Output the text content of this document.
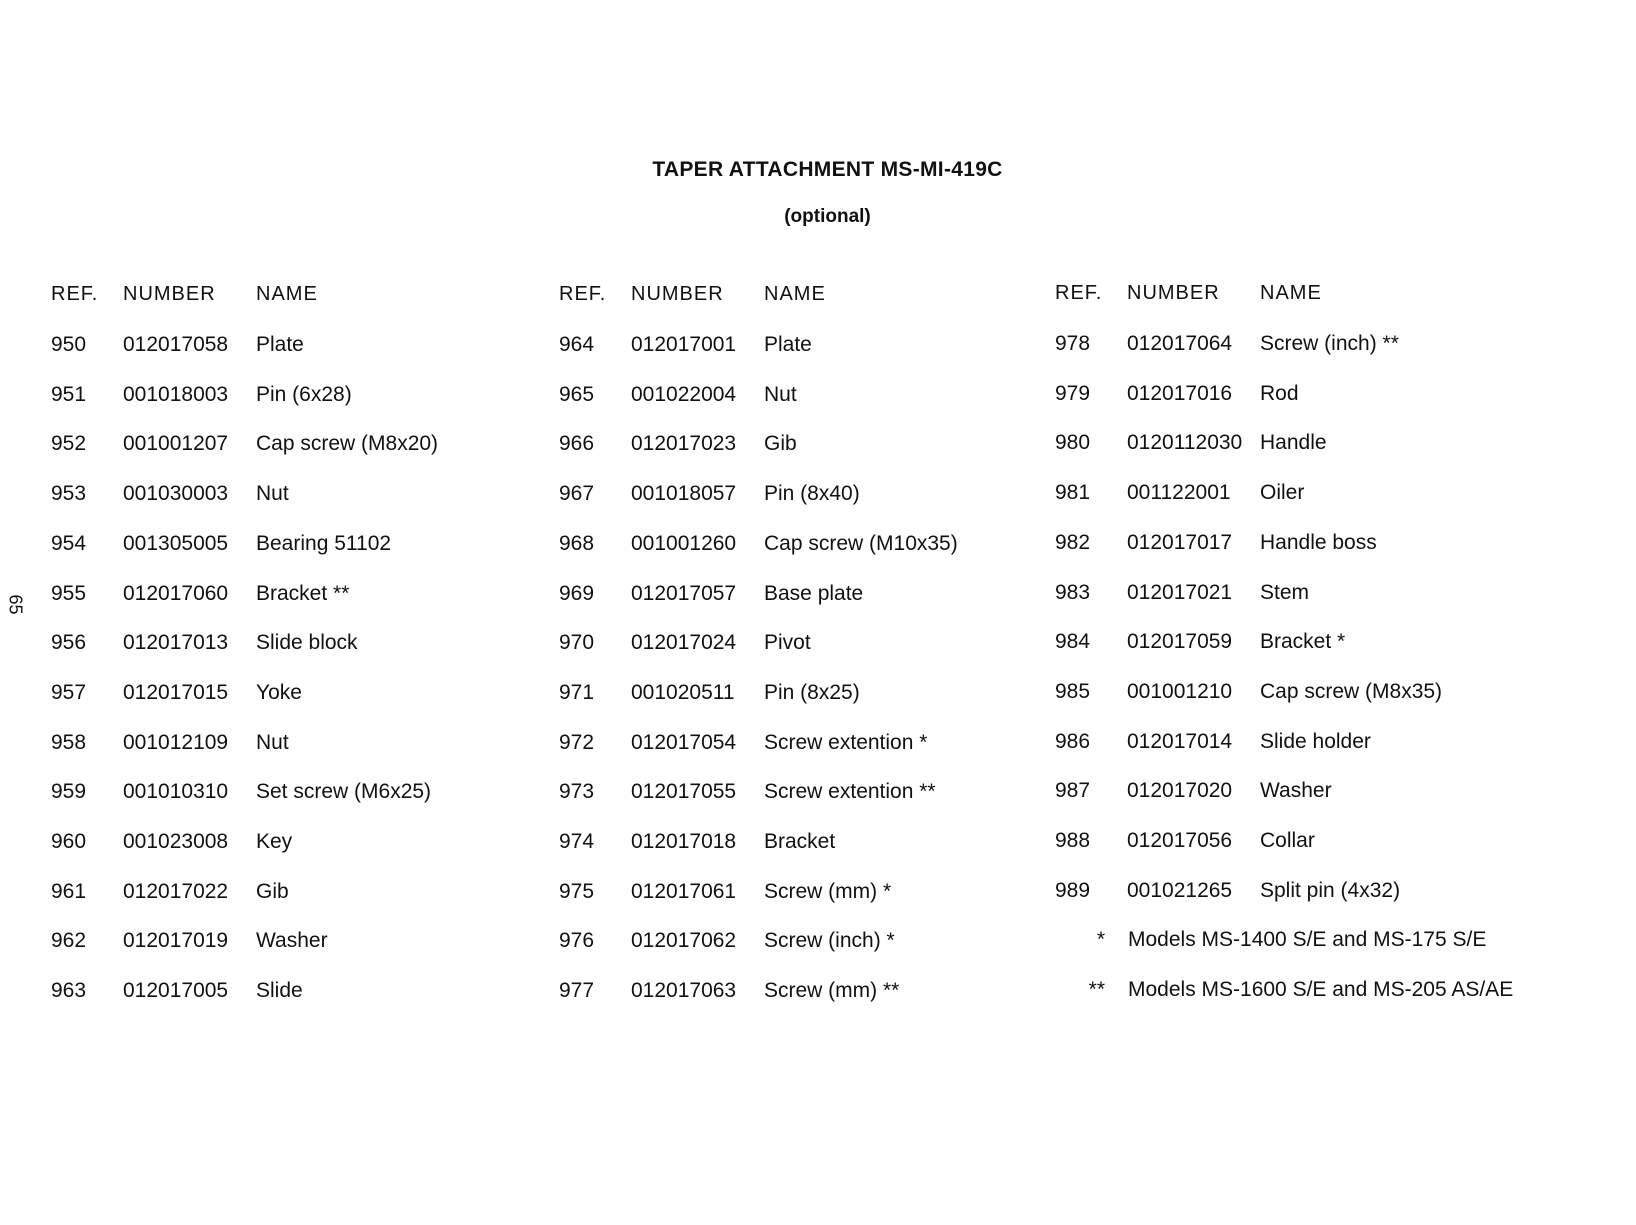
TAPER ATTACHMENT MS-MI-419C
(optional)
65
REF. NUMBER NAME
950 012017058 Plate
951 001018003 Pin (6x28)
952 001001207 Cap screw (M8x20)
953 001030003 Nut
954 001305005 Bearing 51102
955 012017060 Bracket **
956 012017013 Slide block
957 012017015 Yoke
958 001012109 Nut
959 001010310 Set screw (M6x25)
960 001023008 Key
961 012017022 Gib
962 012017019 Washer
963 012017005 Slide
REF. NUMBER NAME
964 012017001 Plate
965 001022004 Nut
966 012017023 Gib
967 001018057 Pin (8x40)
968 001001260 Cap screw (M10x35)
969 012017057 Base plate
970 012017024 Pivot
971 001020511 Pin (8x25)
972 012017054 Screw extention *
973 012017055 Screw extention **
974 012017018 Bracket
975 012017061 Screw (mm) *
976 012017062 Screw (inch) *
977 012017063 Screw (mm) **
REF. NUMBER NAME
978 012017064 Screw (inch) **
979 012017016 Rod
980 0120112030 Handle
981 001122001 Oiler
982 012017017 Handle boss
983 012017021 Stem
984 012017059 Bracket *
985 001001210 Cap screw (M8x35)
986 012017014 Slide holder
987 012017020 Washer
988 012017056 Collar
989 001021265 Split pin (4x32)
* Models MS-1400 S/E and MS-175 S/E
** Models MS-1600 S/E and MS-205 AS/AE
